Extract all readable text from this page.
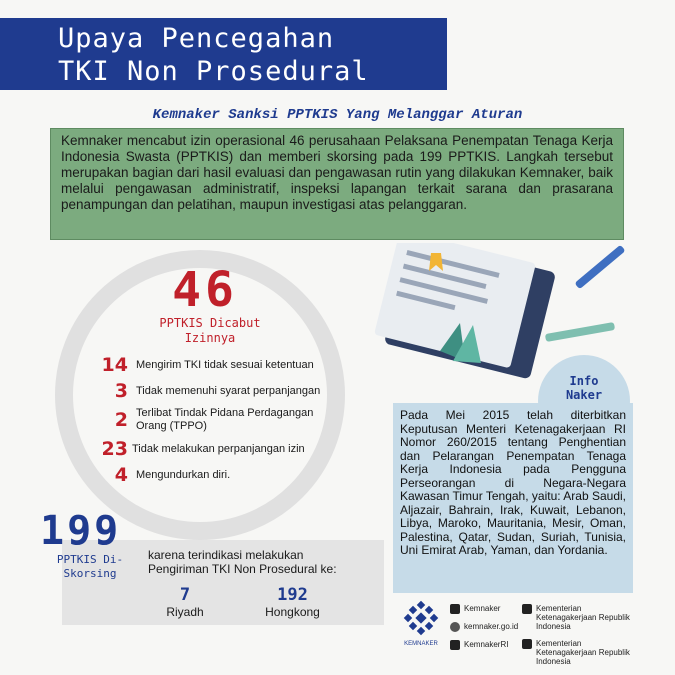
Upaya Pencegahan
TKI Non Prosedural
Kemnaker Sanksi PPTKIS Yang Melanggar Aturan
Kemnaker mencabut izin operasional 46 perusahaan Pelaksana Penempatan Tenaga Kerja Indonesia Swasta (PPTKIS) dan memberi skorsing pada 199 PPTKIS. Langkah tersebut merupakan bagian dari hasil evaluasi dan pengawasan rutin yang dilakukan Kemnaker, baik melalui pengawasan administratif, inspeksi lapangan terkait sarana dan prasarana penampungan dan pelatihan, maupun investigasi atas pelanggaran.
46
PPTKIS Dicabut
Izinnya
14 Mengirim TKI tidak sesuai ketentuan
3 Tidak memenuhi syarat perpanjangan
2 Terlibat Tindak Pidana Perdagangan Orang (TPPO)
23 Tidak melakukan perpanjangan izin
4 Mengundurkan diri.
199
PPTKIS Di-
Skorsing
karena terindikasi melakukan Pengiriman TKI Non Prosedural ke:
7
Riyadh
192
Hongkong
Info
Naker
Pada Mei 2015 telah diterbitkan Keputusan Menteri Ketenagakerjaan RI Nomor 260/2015 tentang Penghentian dan Pelarangan Penempatan Tenaga Kerja Indonesia pada Pengguna Perseorangan di Negara-Negara Kawasan Timur Tengah, yaitu: Arab Saudi, Aljazair, Bahrain, Irak, Kuwait, Lebanon, Libya, Maroko, Mauritania, Mesir, Oman, Palestina, Qatar, Sudan, Suriah, Tunisia, Uni Emirat Arab, Yaman, dan Yordania.
KEMNAKER
Kemnaker
kemnaker.go.id
KemnakerRI
Kementerian Ketenagakerjaan Republik Indonesia
Kementerian Ketenagakerjaan Republik Indonesia
